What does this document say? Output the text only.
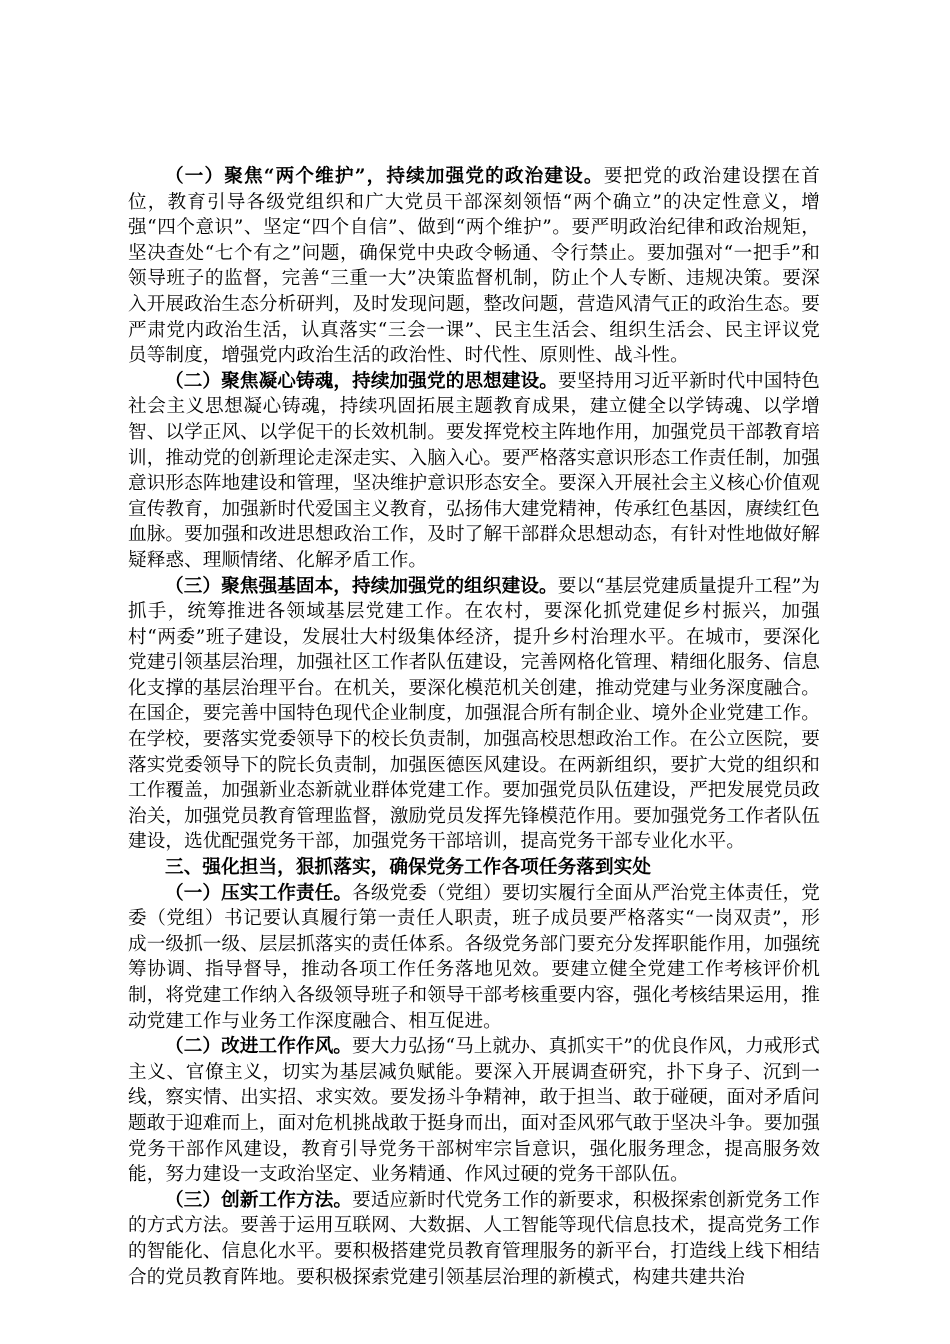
（一）聚焦“两个维护”，持续加强党的政治建设。要把党的政治建设摆在首位，教育引导各级党组织和广大党员干部深刻领悟“两个确立”的决定性意义，增强“四个意识”、坚定“四个自信”、做到“两个维护”。要严明政治纪律和政治规矩，坚决查处“七个有之”问题，确保党中央政令畅通、令行禁止。要加强对“一把手”和领导班子的监督，完善“三重一大”决策监督机制，防止个人专断、违规决策。要深入开展政治生态分析研判，及时发现问题，整改问题，营造风清气正的政治生态。要严肃党内政治生活，认真落实“三会一课”、民主生活会、组织生活会、民主评议党员等制度，增强党内政治生活的政治性、时代性、原则性、战斗性。

（二）聚焦凝心铸魂，持续加强党的思想建设。要坚持用习近平新时代中国特色社会主义思想凝心铸魂，持续巩固拓展主题教育成果，建立健全以学铸魂、以学增智、以学正风、以学促干的长效机制。要发挥党校主阵地作用，加强党员干部教育培训，推动党的创新理论走深走实、入脑入心。要严格落实意识形态工作责任制，加强意识形态阵地建设和管理，坚决维护意识形态安全。要深入开展社会主义核心价值观宣传教育，加强新时代爱国主义教育，弘扬伟大建党精神，传承红色基因，赓续红色血脉。要加强和改进思想政治工作，及时了解干部群众思想动态，有针对性地做好解疑释惑、理顺情绪、化解矛盾工作。

（三）聚焦强基固本，持续加强党的组织建设。要以“基层党建质量提升工程”为抓手，统筹推进各领域基层党建工作。在农村，要深化抓党建促乡村振兴，加强村“两委”班子建设，发展壮大村级集体经济，提升乡村治理水平。在城市，要深化党建引领基层治理，加强社区工作者队伍建设，完善网格化管理、精细化服务、信息化支撑的基层治理平台。在机关，要深化模范机关创建，推动党建与业务深度融合。在国企，要完善中国特色现代企业制度，加强混合所有制企业、境外企业党建工作。在学校，要落实党委领导下的校长负责制，加强高校思想政治工作。在公立医院，要落实党委领导下的院长负责制，加强医德医风建设。在两新组织，要扩大党的组织和工作覆盖，加强新业态新就业群体党建工作。要加强党员队伍建设，严把发展党员政治关，加强党员教育管理监督，激励党员发挥先锋模范作用。要加强党务工作者队伍建设，选优配强党务干部，加强党务干部培训，提高党务干部专业化水平。

三、强化担当，狠抓落实，确保党务工作各项任务落到实处

（一）压实工作责任。各级党委（党组）要切实履行全面从严治党主体责任，党委（党组）书记要认真履行第一责任人职责，班子成员要严格落实“一岗双责”，形成一级抓一级、层层抓落实的责任体系。各级党务部门要充分发挥职能作用，加强统筹协调、指导督导，推动各项工作任务落地见效。要建立健全党建工作考核评价机制，将党建工作纳入各级领导班子和领导干部考核重要内容，强化考核结果运用，推动党建工作与业务工作深度融合、相互促进。

（二）改进工作作风。要大力弘扬“马上就办、真抓实干”的优良作风，力戒形式主义、官僚主义，切实为基层减负赋能。要深入开展调查研究，扑下身子、沉到一线，察实情、出实招、求实效。要发扬斗争精神，敢于担当、敢于碰硬，面对矛盾问题敢于迎难而上，面对危机挑战敢于挺身而出，面对歪风邪气敢于坚决斗争。要加强党务干部作风建设，教育引导党务干部树牢宗旨意识，强化服务理念，提高服务效能，努力建设一支政治坚定、业务精通、作风过硬的党务干部队伍。

（三）创新工作方法。要适应新时代党务工作的新要求，积极探索创新党务工作的方式方法。要善于运用互联网、大数据、人工智能等现代信息技术，提高党务工作的智能化、信息化水平。要积极搭建党员教育管理服务的新平台，打造线上线下相结合的党员教育阵地。要积极探索党建引领基层治理的新模式，构建共建共治
